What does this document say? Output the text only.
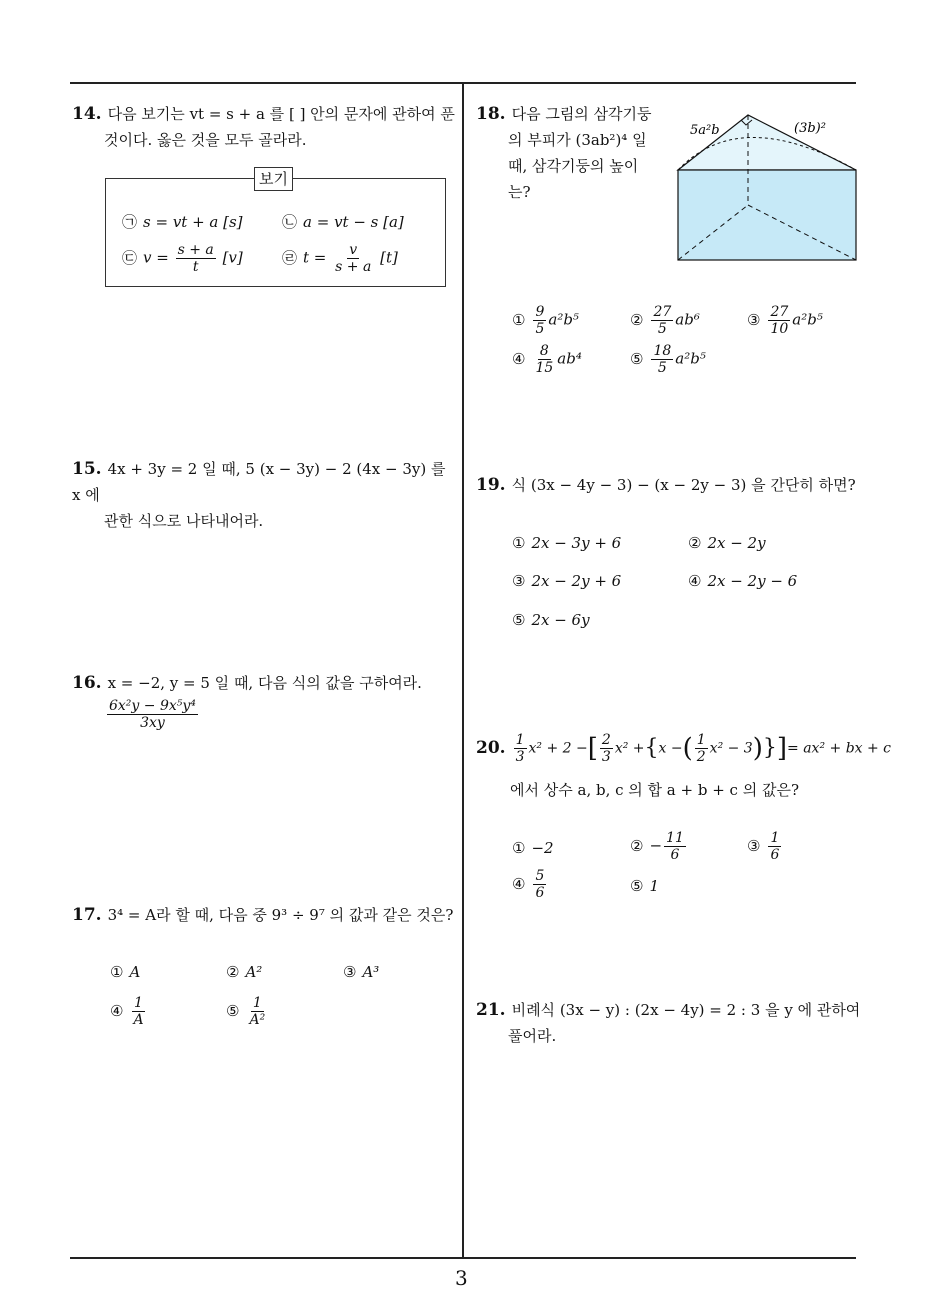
3
14. 다음 보기는 vt = s + a 를 [ ] 안의 문자에 관하여 푼
것이다. 옳은 것을 모두 골라라.
보기
㉠ s = vt + a [s]	㉡ a = vt − s [a]
㉢ $v = \frac{s + a}{t} [v]$	㉣ $t = \frac{v}{s + a} [t]$
15. 4x + 3y = 2 일 때, 5 (x − 3y) − 2 (4x − 3y) 를 x 에
관한 식으로 나타내어라.
16. x = −2, y = 5 일 때, 다음 식의 값을 구하여라.
$\frac{\text{6x²y − 9x⁵y⁴}}{3xy}$
17. 3⁴ = A라 할 때, 다음 중 9³ ÷ 9⁷ 의 값과 같은 것은?
① A	② A²	③ A³
④ $\frac{1}{A}$	⑤ $\frac{1}{\text{A²}}$
18. 다음 그림의 삼각기둥
의 부피가 (3ab²)⁴ 일
때, 삼각기둥의 높이
는?
5a²b	(3b)²
① $\frac{9}{5} a^2b^5$	② $\frac{27}{5} ab^6$	③ $\frac{27}{10} a^2b^5$
④ $\frac{8}{15} ab^4$	⑤ $\frac{18}{5} a^2b^5$
19. 식 (3x − 4y − 3) − (x − 2y − 3) 을 간단히 하면?
① 2x − 3y + 6	② 2x − 2y
③ 2x − 2y + 6	④ 2x − 2y − 6
⑤ 2x − 6y
20. $\frac{1}{3} x^2 + 2$ −[ $\frac{2}{3} x^2 +\{x$ −( $\frac{1}{2} x^2 - 3)\}]= ax^2$ + bx + c
에서 상수 a, b, c 의 합 a + b + c 의 값은?
① −2	② − $\frac{11}{6}$	③ $\frac{1}{6}$
④ $\frac{5}{6}$	⑤ 1
21. 비례식 (3x − y) : (2x − 4y) = 2 : 3 을 y 에 관하여
풀어라.
